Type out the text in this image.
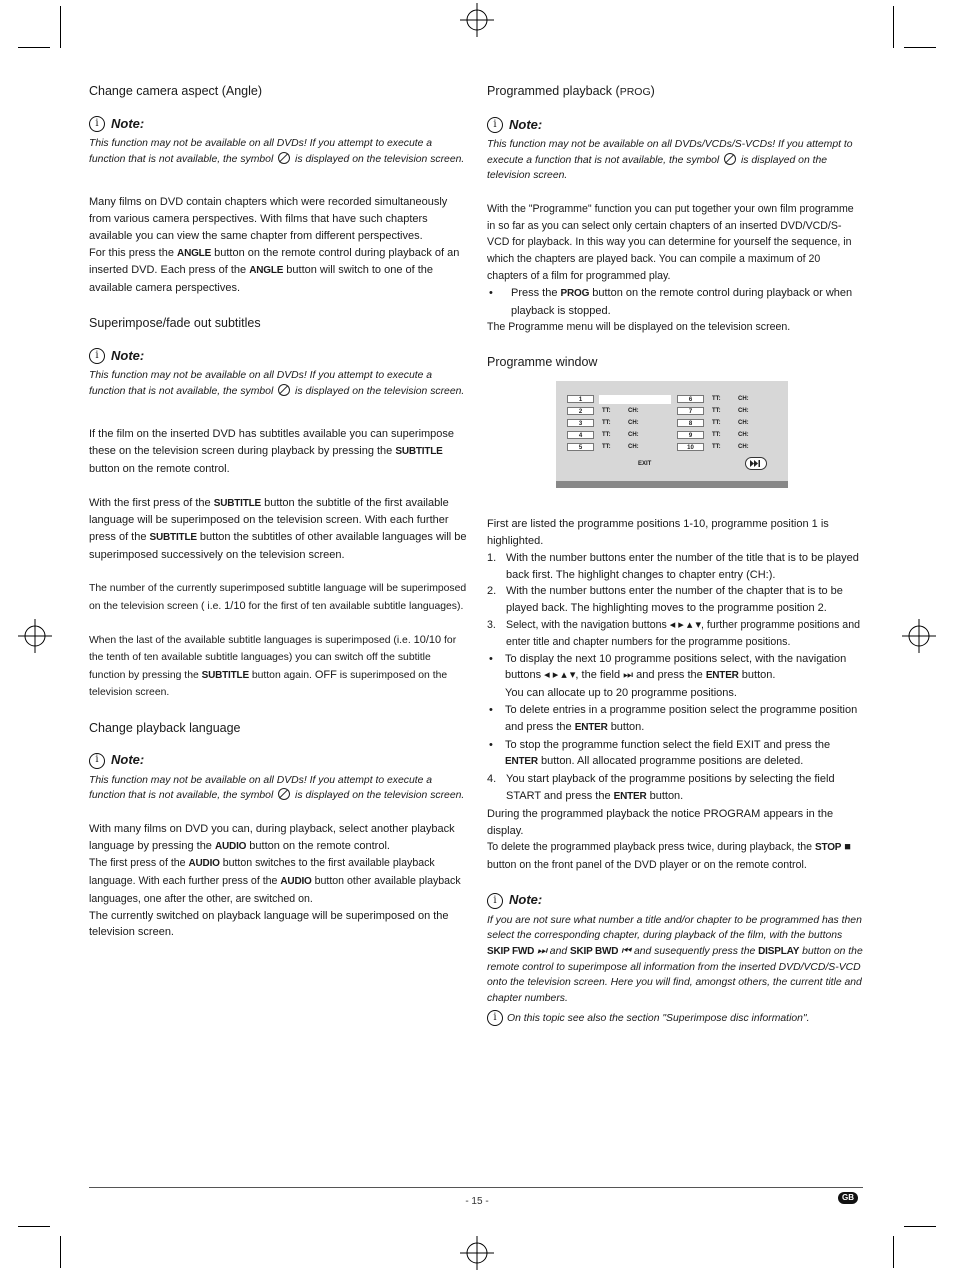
Change camera aspect (Angle)
i Note:

This function may not be available on all DVDs! If you attempt to execute a function that is not available, the symbol is displayed on the television screen.

Many films on DVD contain chapters which were recorded simultaneously from various camera perspectives. With films that have such chapters available you can view the same chapter from different perspectives.

For this press the ANGLE button on the remote control during playback of an inserted DVD. Each press of the ANGLE button will switch to one of the available camera perspectives.

Superimpose/fade out subtitles
i Note:

This function may not be available on all DVDs! If you attempt to execute a function that is not available, the symbol is displayed on the television screen.

If the film on the inserted DVD has subtitles available you can superimpose these on the television screen during playback by pressing the SUBTITLE button on the remote control.

With the first press of the SUBTITLE button the subtitle of the first available language will be superimposed on the television screen. With each further press of the SUBTITLE button the subtitles of other available languages will be superimposed successively on the television screen.

The number of the currently superimposed subtitle language will be superimposed on the television screen ( i.e. 1/10 for the first of ten available subtitle languages).

When the last of the available subtitle languages is superimposed (i.e. 10/10 for the tenth of ten available subtitle languages) you can switch off the subtitle function by pressing the SUBTITLE button again. OFF is superimposed on the television screen.

Change playback language
i Note:

This function may not be available on all DVDs! If you attempt to execute a function that is not available, the symbol is displayed on the television screen.

With many films on DVD you can, during playback, select another playback language by pressing the AUDIO button on the remote control.

The first press of the AUDIO button switches to the first available playback language. With each further press of the AUDIO button other available playback languages, one after the other, are switched on.

The currently switched on playback language will be superimposed on the television screen.

Programmed playback (PROG)
i Note:

This function may not be available on all DVDs/VCDs/S-VCDs! If you attempt to execute a function that is not available, the symbol is displayed on the television screen.

With the "Programme" function you can put together your own film programme in so far as you can select only certain chapters of an inserted DVD/VCD/S-VCD for playback. In this way you can determine for yourself the sequence, in which the chapters are played back. You can compile a maximum of 20 chapters of a film for programmed play.

•	Press the PROG button on the remote control during playback or when playback is stopped.

The Programme menu will be displayed on the television screen.

Programme window
1
2	TT:	CH:
3	TT:	CH:
4	TT:	CH:
5	TT:	CH:
6	TT:	CH:
7	TT:	CH:
8	TT:	CH:
9	TT:	CH:
10	TT:	CH:
EXIT

First are listed the programme positions 1-10, programme position 1 is highlighted.

1. With the number buttons enter the number of the title that is to be played back first. The highlight changes to chapter entry (CH:).
2. With the number buttons enter the number of the chapter that is to be played back. The highlighting moves to the programme position 2.
3. Select, with the navigation buttons ◂ ▸ ▴ ▾, further programme positions and enter title and chapter numbers for the programme positions.
•	To display the next 10 programme positions select, with the navigation buttons ◂ ▸ ▴ ▾, the field ⏭ and press the ENTER button.
You can allocate up to 20 programme positions.
•	To delete entries in a programme position select the programme position and press the ENTER button.
•	To stop the programme function select the field EXIT and press the ENTER button. All allocated programme positions are deleted.
4. You start playback of the programme positions by selecting the field START and press the ENTER button.

During the programmed playback the notice PROGRAM appears in the display.

To delete the programmed playback press twice, during playback, the STOP ■ button on the front panel of the DVD player or on the remote control.

i Note:

If you are not sure what number a title and/or chapter to be programmed has then select the corresponding chapter, during playback of the film, with the buttons SKIP FWD ⏭ and SKIP BWD ⏮ and susequently press the DISPLAY button on the remote control to superimpose all information from the inserted DVD/VCD/S-VCD onto the television screen. Here you will find, amongst others, the current title and chapter numbers.

i	On this topic see also the section "Superimpose disc information".
- 15 -	GB
